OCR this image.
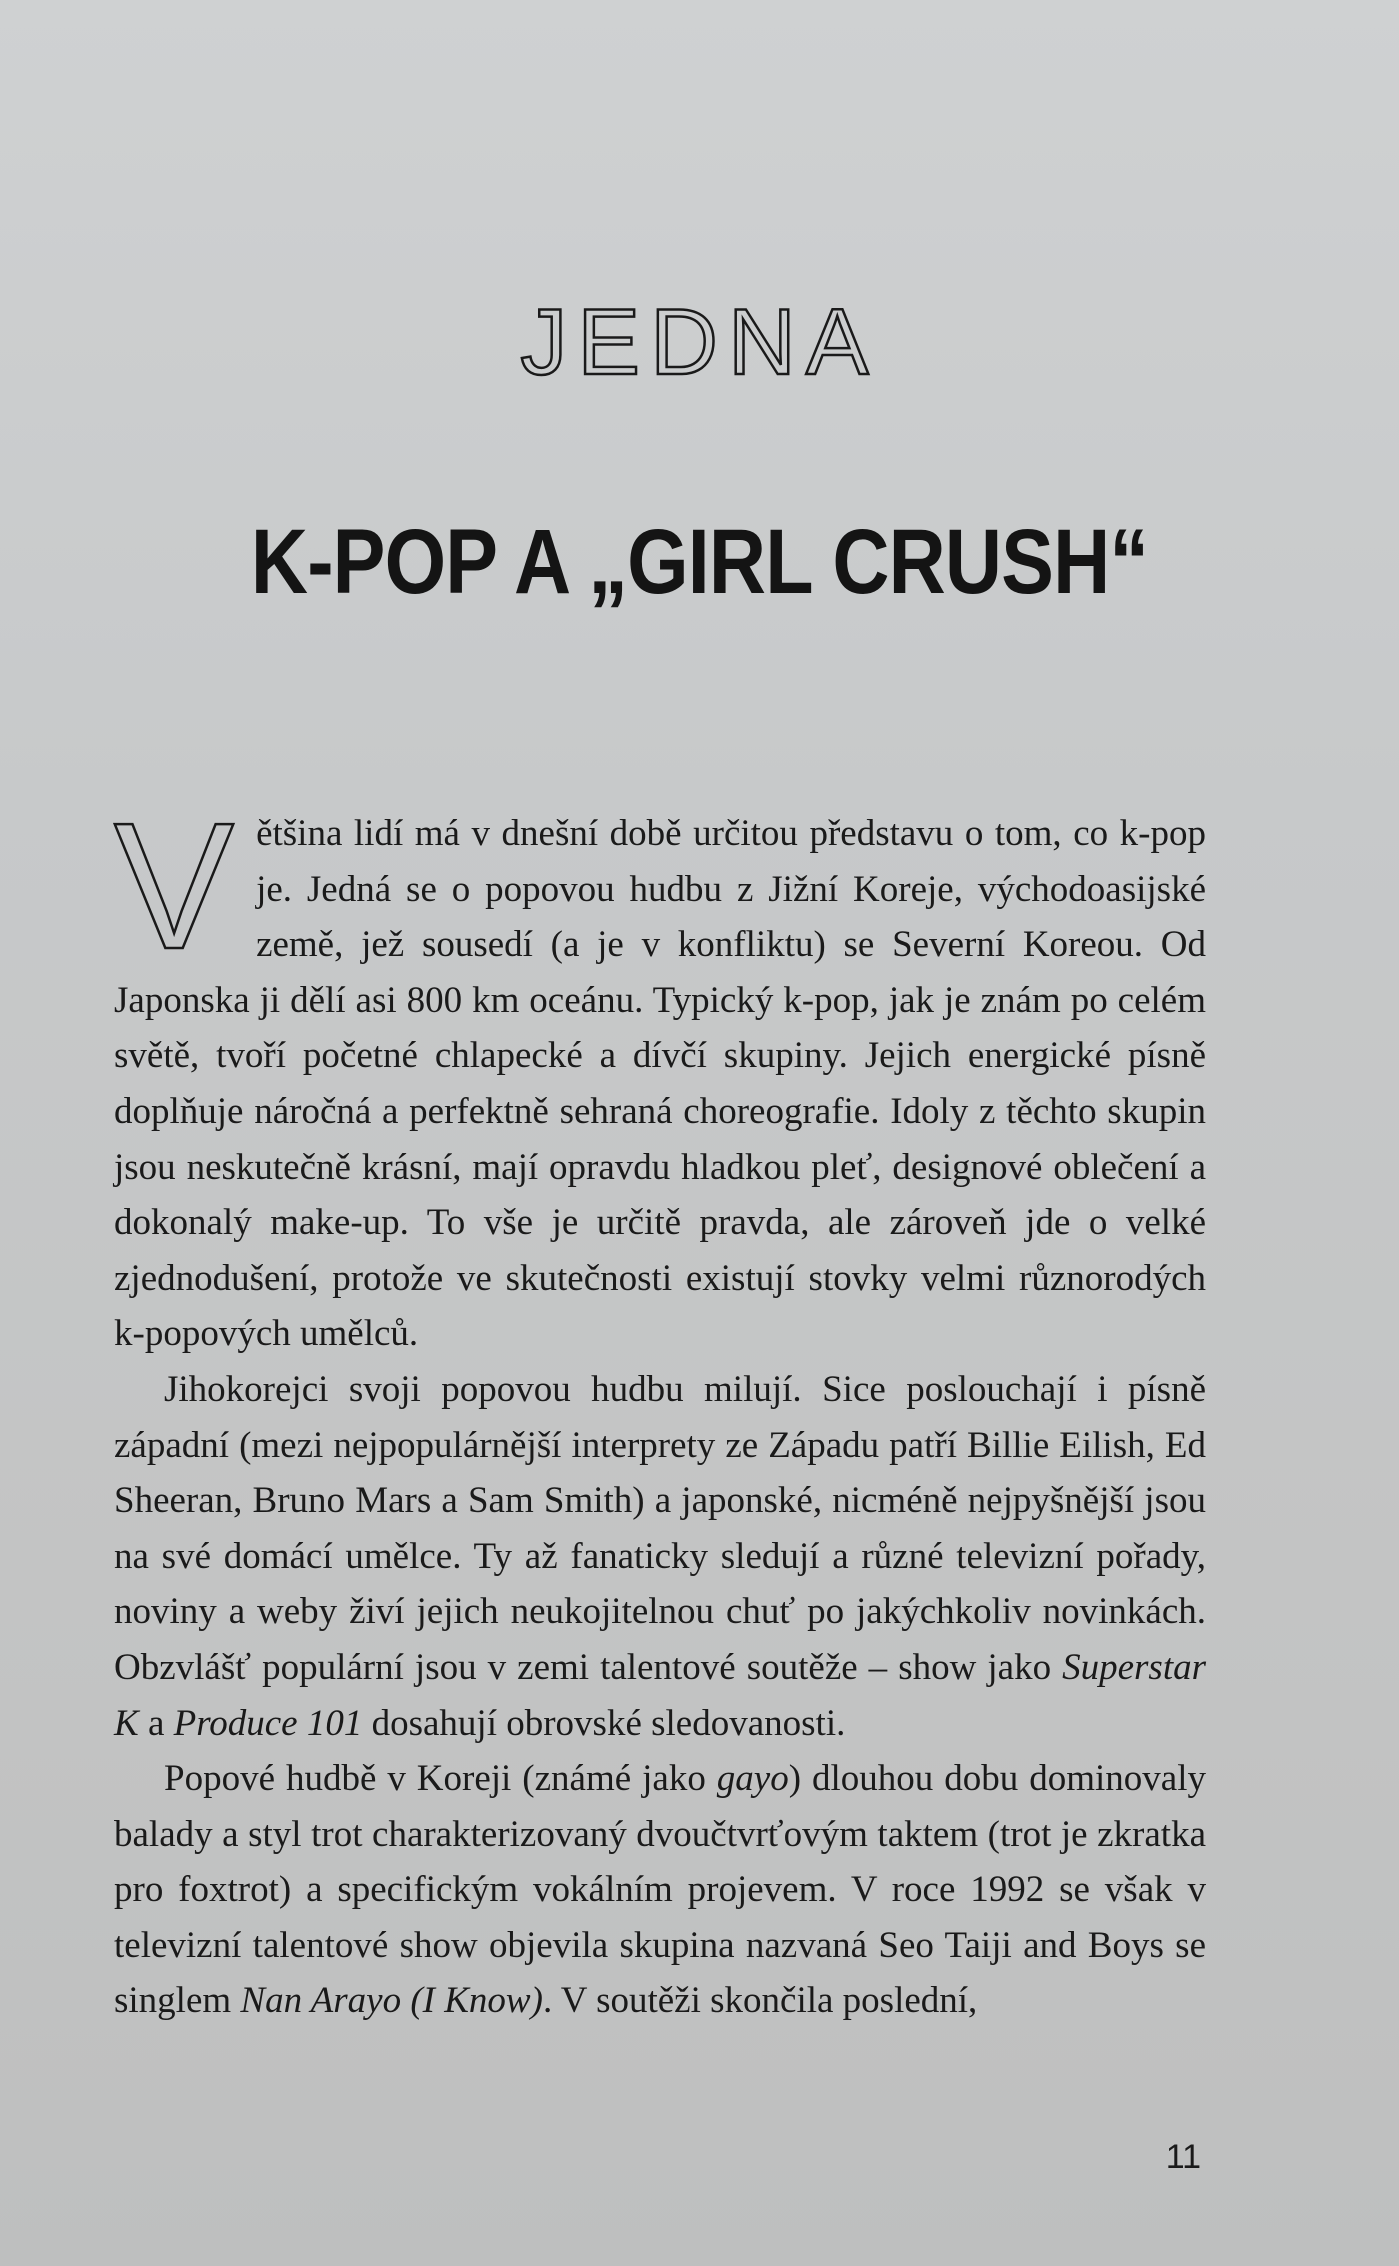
JEDNA
K-POP A „GIRL CRUSH“

Většina lidí má v dnešní době určitou představu o tom, co k-pop je. Jedná se o popovou hudbu z Jižní Koreje, východoasijské země, jež sousedí (a je v konfliktu) se Severní Koreou. Od Japonska ji dělí asi 800 km oceánu. Typický k-pop, jak je znám po celém světě, tvoří početné chlapecké a dívčí skupiny. Jejich energické písně doplňuje náročná a perfektně sehraná choreografie. Idoly z těchto skupin jsou neskutečně krásní, mají opravdu hladkou pleť, designové oblečení a dokonalý make-up. To vše je určitě pravda, ale zároveň jde o velké zjednodušení, protože ve skutečnosti existují stovky velmi různorodých k-popových umělců.

Jihokorejci svoji popovou hudbu milují. Sice poslouchají i písně západní (mezi nejpopulárnější interprety ze Západu patří Billie Eilish, Ed Sheeran, Bruno Mars a Sam Smith) a japonské, nicméně nejpyšnější jsou na své domácí umělce. Ty až fanaticky sledují a různé televizní pořady, noviny a weby živí jejich neukojitelnou chuť po jakýchkoliv novinkách. Obzvlášť populární jsou v zemi talentové soutěže – show jako Superstar K a Produce 101 dosahují obrovské sledovanosti.

Popové hudbě v Koreji (známé jako gayo) dlouhou dobu dominovaly balady a styl trot charakterizovaný dvoučtvrťovým taktem (trot je zkratka pro foxtrot) a specifickým vokálním projevem. V roce 1992 se však v televizní talentové show objevila skupina nazvaná Seo Taiji and Boys se singlem Nan Arayo (I Know). V soutěži skončila poslední,

11
